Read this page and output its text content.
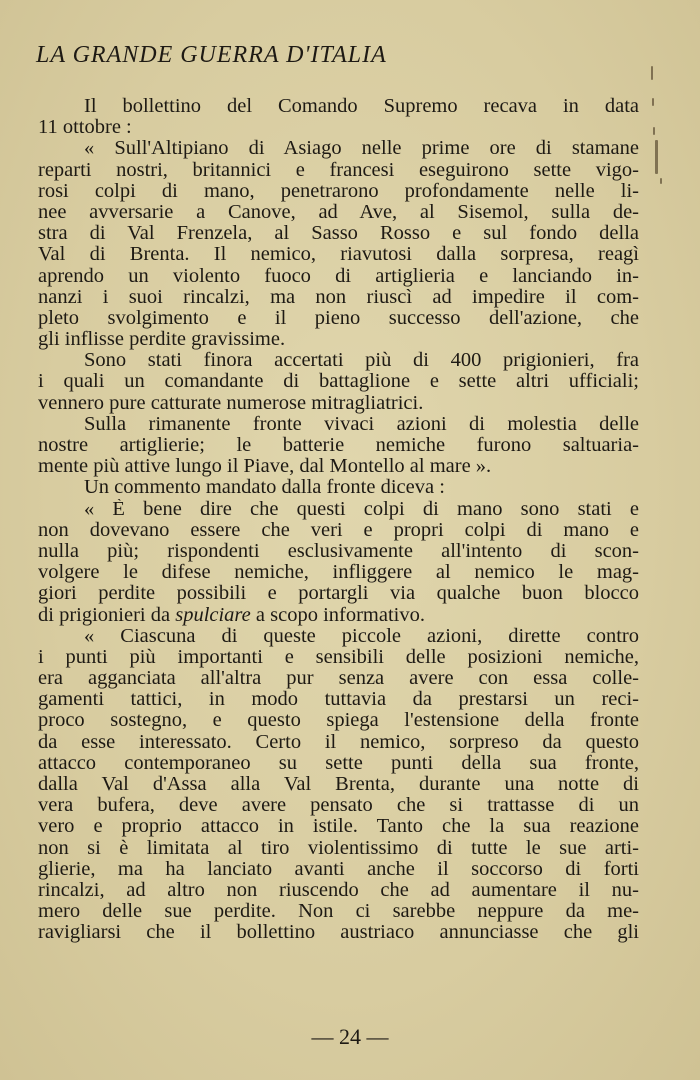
LA GRANDE GUERRA D'ITALIA
Il bollettino del Comando Supremo recava in data
11 ottobre :
« Sull'Altipiano di Asiago nelle prime ore di stamane
reparti nostri, britannici e francesi eseguirono sette vigo-
rosi colpi di mano, penetrarono profondamente nelle li-
nee avversarie a Canove, ad Ave, al Sisemol, sulla de-
stra di Val Frenzela, al Sasso Rosso e sul fondo della
Val di Brenta. Il nemico, riavutosi dalla sorpresa, reagì
aprendo un violento fuoco di artiglieria e lanciando in-
nanzi i suoi rincalzi, ma non riuscì ad impedire il com-
pleto svolgimento e il pieno successo dell'azione, che
gli inflisse perdite gravissime.
Sono stati finora accertati più di 400 prigionieri, fra
i quali un comandante di battaglione e sette altri ufficiali;
vennero pure catturate numerose mitragliatrici.
Sulla rimanente fronte vivaci azioni di molestia delle
nostre artiglierie; le batterie nemiche furono saltuaria-
mente più attive lungo il Piave, dal Montello al mare ».
Un commento mandato dalla fronte diceva :
« È bene dire che questi colpi di mano sono stati e
non dovevano essere che veri e propri colpi di mano e
nulla più; rispondenti esclusivamente all'intento di scon-
volgere le difese nemiche, infliggere al nemico le mag-
giori perdite possibili e portargli via qualche buon blocco
di prigionieri da spulciare a scopo informativo.
« Ciascuna di queste piccole azioni, dirette contro
i punti più importanti e sensibili delle posizioni nemiche,
era agganciata all'altra pur senza avere con essa colle-
gamenti tattici, in modo tuttavia da prestarsi un reci-
proco sostegno, e questo spiega l'estensione della fronte
da esse interessato. Certo il nemico, sorpreso da questo
attacco contemporaneo su sette punti della sua fronte,
dalla Val d'Assa alla Val Brenta, durante una notte di
vera bufera, deve avere pensato che si trattasse di un
vero e proprio attacco in istile. Tanto che la sua reazione
non si è limitata al tiro violentissimo di tutte le sue arti-
glierie, ma ha lanciato avanti anche il soccorso di forti
rincalzi, ad altro non riuscendo che ad aumentare il nu-
mero delle sue perdite. Non ci sarebbe neppure da me-
ravigliarsi che il bollettino austriaco annunciasse che gli
— 24 —
